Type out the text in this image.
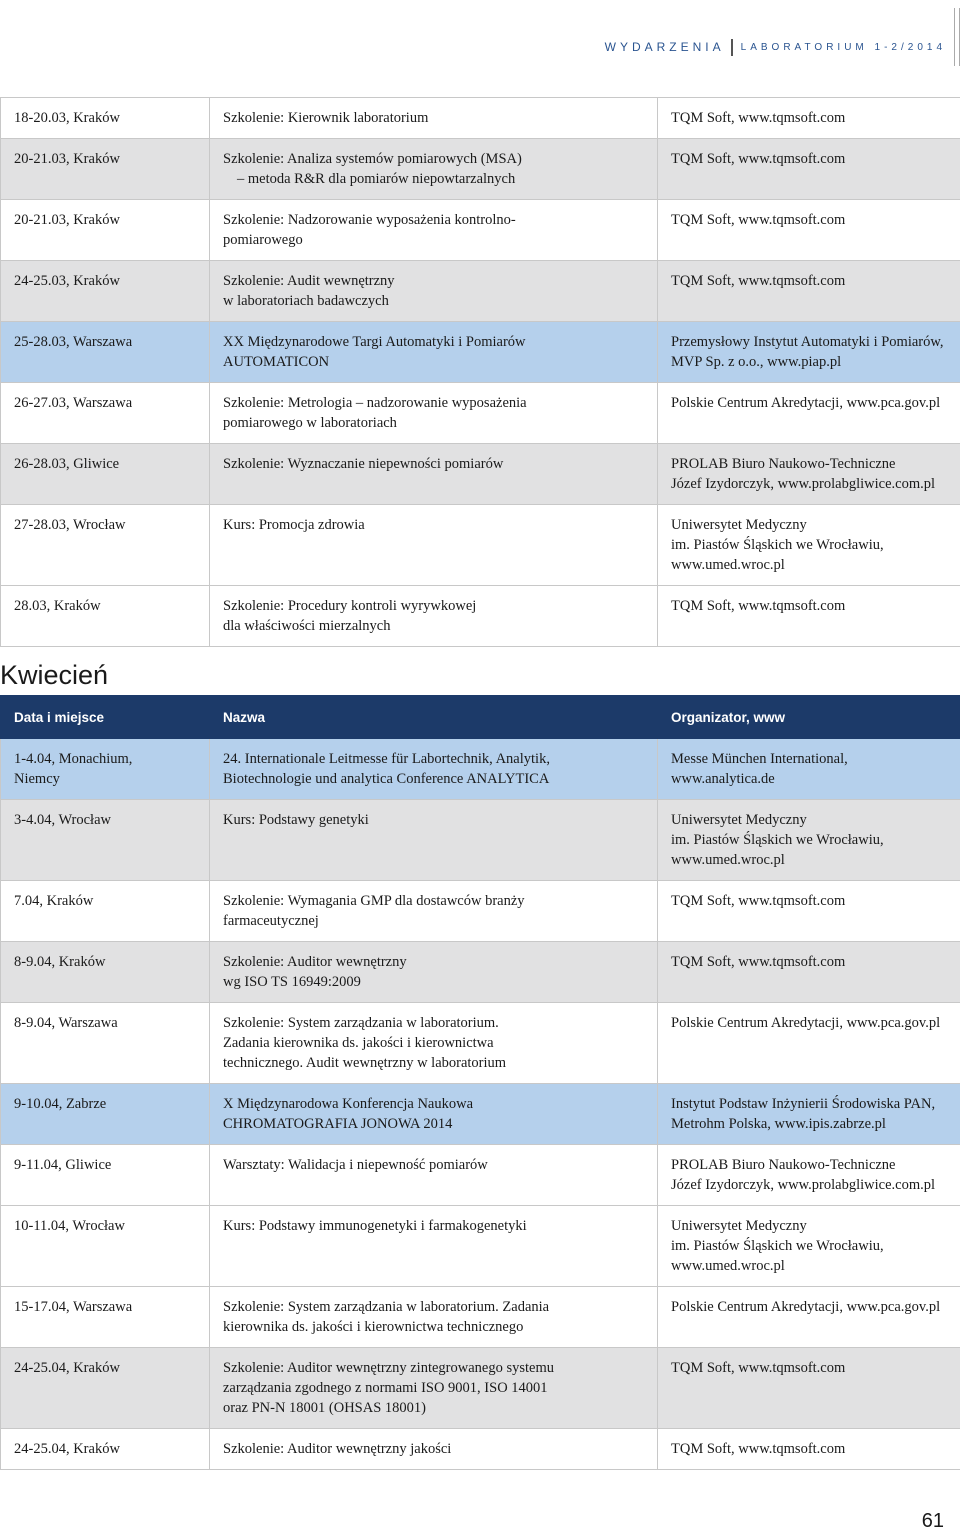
WYDARZENIA LABORATORIUM 1-2/2014
18-20.03, Kraków	Szkolenie: Kierownik laboratorium	TQM Soft, www.tqmsoft.com

20-21.03, Kraków	Szkolenie: Analiza systemów pomiarowych (MSA)
– metoda R&R dla pomiarów niepowtarzalnych	TQM Soft, www.tqmsoft.com

20-21.03, Kraków	Szkolenie: Nadzorowanie wyposażenia kontrolno-
pomiarowego	TQM Soft, www.tqmsoft.com

24-25.03, Kraków	Szkolenie: Audit wewnętrzny
w laboratoriach badawczych	TQM Soft, www.tqmsoft.com

25-28.03, Warszawa	XX Międzynarodowe Targi Automatyki i Pomiarów
AUTOMATICON	Przemysłowy Instytut Automatyki i Pomiarów,
MVP Sp. z o.o., www.piap.pl

26-27.03, Warszawa	Szkolenie: Metrologia – nadzorowanie wyposażenia
pomiarowego w laboratoriach	Polskie Centrum Akredytacji, www.pca.gov.pl

26-28.03, Gliwice	Szkolenie: Wyznaczanie niepewności pomiarów	PROLAB Biuro Naukowo-Techniczne
Józef Izydorczyk, www.prolabgliwice.com.pl

27-28.03, Wrocław	Kurs: Promocja zdrowia	Uniwersytet Medyczny
im. Piastów Śląskich we Wrocławiu,
www.umed.wroc.pl

28.03, Kraków	Szkolenie: Procedury kontroli wyrywkowej
dla właściwości mierzalnych	TQM Soft, www.tqmsoft.com
Kwiecień
Data i miejsce	Nazwa	Organizator, www

1-4.04, Monachium,
Niemcy	24. Internationale Leitmesse für Labortechnik, Analytik,
Biotechnologie und analytica Conference ANALYTICA	Messe München International,
www.analytica.de

3-4.04, Wrocław	Kurs: Podstawy genetyki	Uniwersytet Medyczny
im. Piastów Śląskich we Wrocławiu,
www.umed.wroc.pl

7.04, Kraków	Szkolenie: Wymagania GMP dla dostawców branży
farmaceutycznej	TQM Soft, www.tqmsoft.com

8-9.04, Kraków	Szkolenie: Auditor wewnętrzny
wg ISO TS 16949:2009	TQM Soft, www.tqmsoft.com

8-9.04, Warszawa	Szkolenie: System zarządzania w laboratorium.
Zadania kierownika ds. jakości i kierownictwa
technicznego. Audit wewnętrzny w laboratorium	Polskie Centrum Akredytacji, www.pca.gov.pl

9-10.04, Zabrze	X Międzynarodowa Konferencja Naukowa
CHROMATOGRAFIA JONOWA 2014	Instytut Podstaw Inżynierii Środowiska PAN,
Metrohm Polska, www.ipis.zabrze.pl

9-11.04, Gliwice	Warsztaty: Walidacja i niepewność pomiarów	PROLAB Biuro Naukowo-Techniczne
Józef Izydorczyk, www.prolabgliwice.com.pl

10-11.04, Wrocław	Kurs: Podstawy immunogenetyki i farmakogenetyki	Uniwersytet Medyczny
im. Piastów Śląskich we Wrocławiu,
www.umed.wroc.pl

15-17.04, Warszawa	Szkolenie: System zarządzania w laboratorium. Zadania
kierownika ds. jakości i kierownictwa technicznego	Polskie Centrum Akredytacji, www.pca.gov.pl

24-25.04, Kraków	Szkolenie: Auditor wewnętrzny zintegrowanego systemu
zarządzania zgodnego z normami ISO 9001, ISO 14001
oraz PN-N 18001 (OHSAS 18001)	TQM Soft, www.tqmsoft.com

24-25.04, Kraków	Szkolenie: Auditor wewnętrzny jakości	TQM Soft, www.tqmsoft.com
61
